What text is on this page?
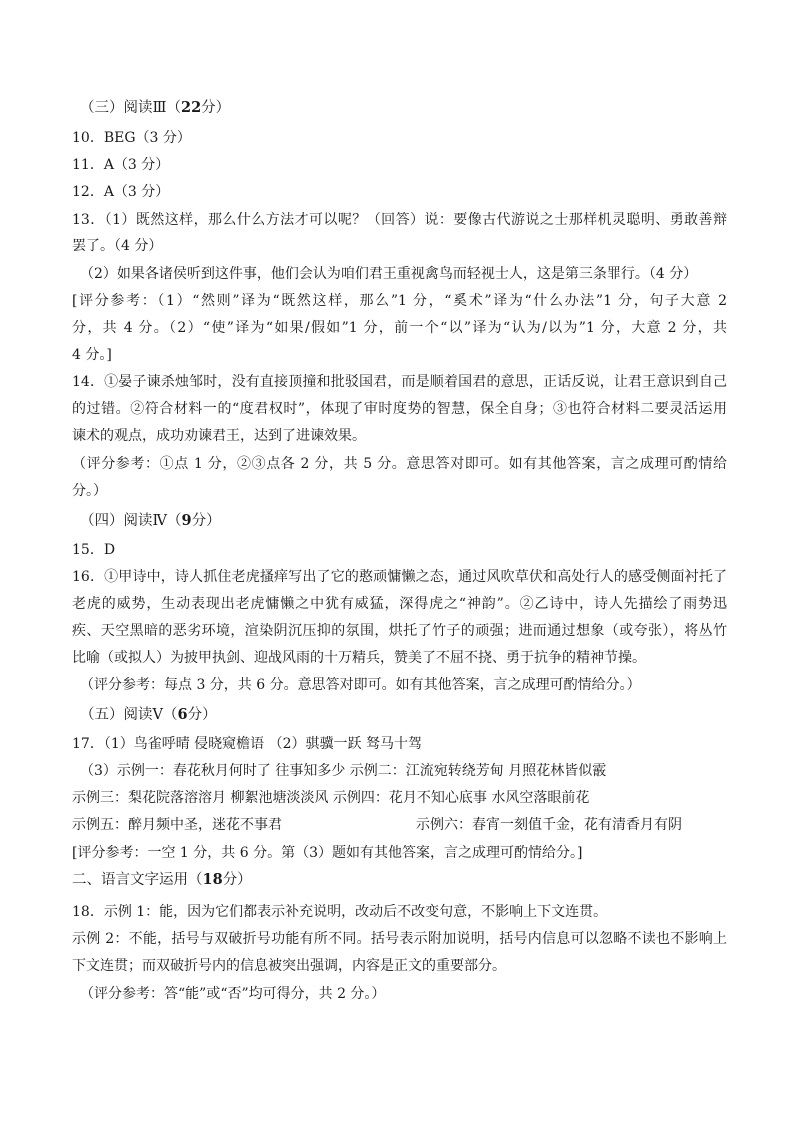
（三）阅读Ⅲ（22分）
10．BEG（3 分）
11．A（3 分）
12．A（3 分）
13．（1）既然这样，那么什么方法才可以呢？（回答）说：要像古代游说之士那样机灵聪明、勇敢善辩
罢了。（4 分）
（2）如果各诸侯听到这件事，他们会认为咱们君王重视禽鸟而轻视士人，这是第三条罪行。（4 分）
[评分参考：（1）“然则”译为“既然这样，那么”1 分，“奚术”译为“什么办法”1 分，句子大意 2
分，共 4 分。（2）“使”译为“如果/假如”1 分，前一个“以”译为“认为/以为”1 分，大意 2 分，共
4 分。]
14．①晏子谏杀烛邹时，没有直接顶撞和批驳国君，而是顺着国君的意思，正话反说，让君王意识到自己
的过错。②符合材料一的“度君权时”，体现了审时度势的智慧，保全自身；③也符合材料二要灵活运用
谏术的观点，成功劝谏君王，达到了进谏效果。
（评分参考：①点 1 分，②③点各 2 分，共 5 分。意思答对即可。如有其他答案，言之成理可酌情给
分。）
（四）阅读Ⅳ（9分）
15．D
16．①甲诗中，诗人抓住老虎搔痒写出了它的憨顽慵懒之态，通过风吹草伏和高处行人的感受侧面衬托了
老虎的威势，生动表现出老虎慵懒之中犹有威猛，深得虎之“神韵”。②乙诗中，诗人先描绘了雨势迅
疾、天空黑暗的恶劣环境，渲染阴沉压抑的氛围，烘托了竹子的顽强；进而通过想象（或夸张），将丛竹
比喻（或拟人）为披甲执剑、迎战风雨的十万精兵，赞美了不屈不挠、勇于抗争的精神节操。
（评分参考：每点 3 分，共 6 分。意思答对即可。如有其他答案，言之成理可酌情给分。）
（五）阅读Ⅴ（6分）
17．（1）鸟雀呼晴 侵晓窥檐语 （2）骐骥一跃 驽马十驾
（3）示例一：春花秋月何时了 往事知多少 示例二：江流宛转绕芳甸 月照花林皆似霰
示例三：梨花院落溶溶月 柳絮池塘淡淡风 示例四：花月不知心底事 水风空落眼前花
示例五：醉月频中圣，迷花不事君	示例六：春宵一刻值千金，花有清香月有阴
[评分参考：一空 1 分，共 6 分。第（3）题如有其他答案，言之成理可酌情给分。]
二、语言文字运用（18分）
18．示例 1：能，因为它们都表示补充说明，改动后不改变句意，不影响上下文连贯。
示例 2：不能，括号与双破折号功能有所不同。括号表示附加说明，括号内信息可以忽略不读也不影响上
下文连贯；而双破折号内的信息被突出强调，内容是正文的重要部分。
（评分参考：答“能”或“否”均可得分，共 2 分。）
